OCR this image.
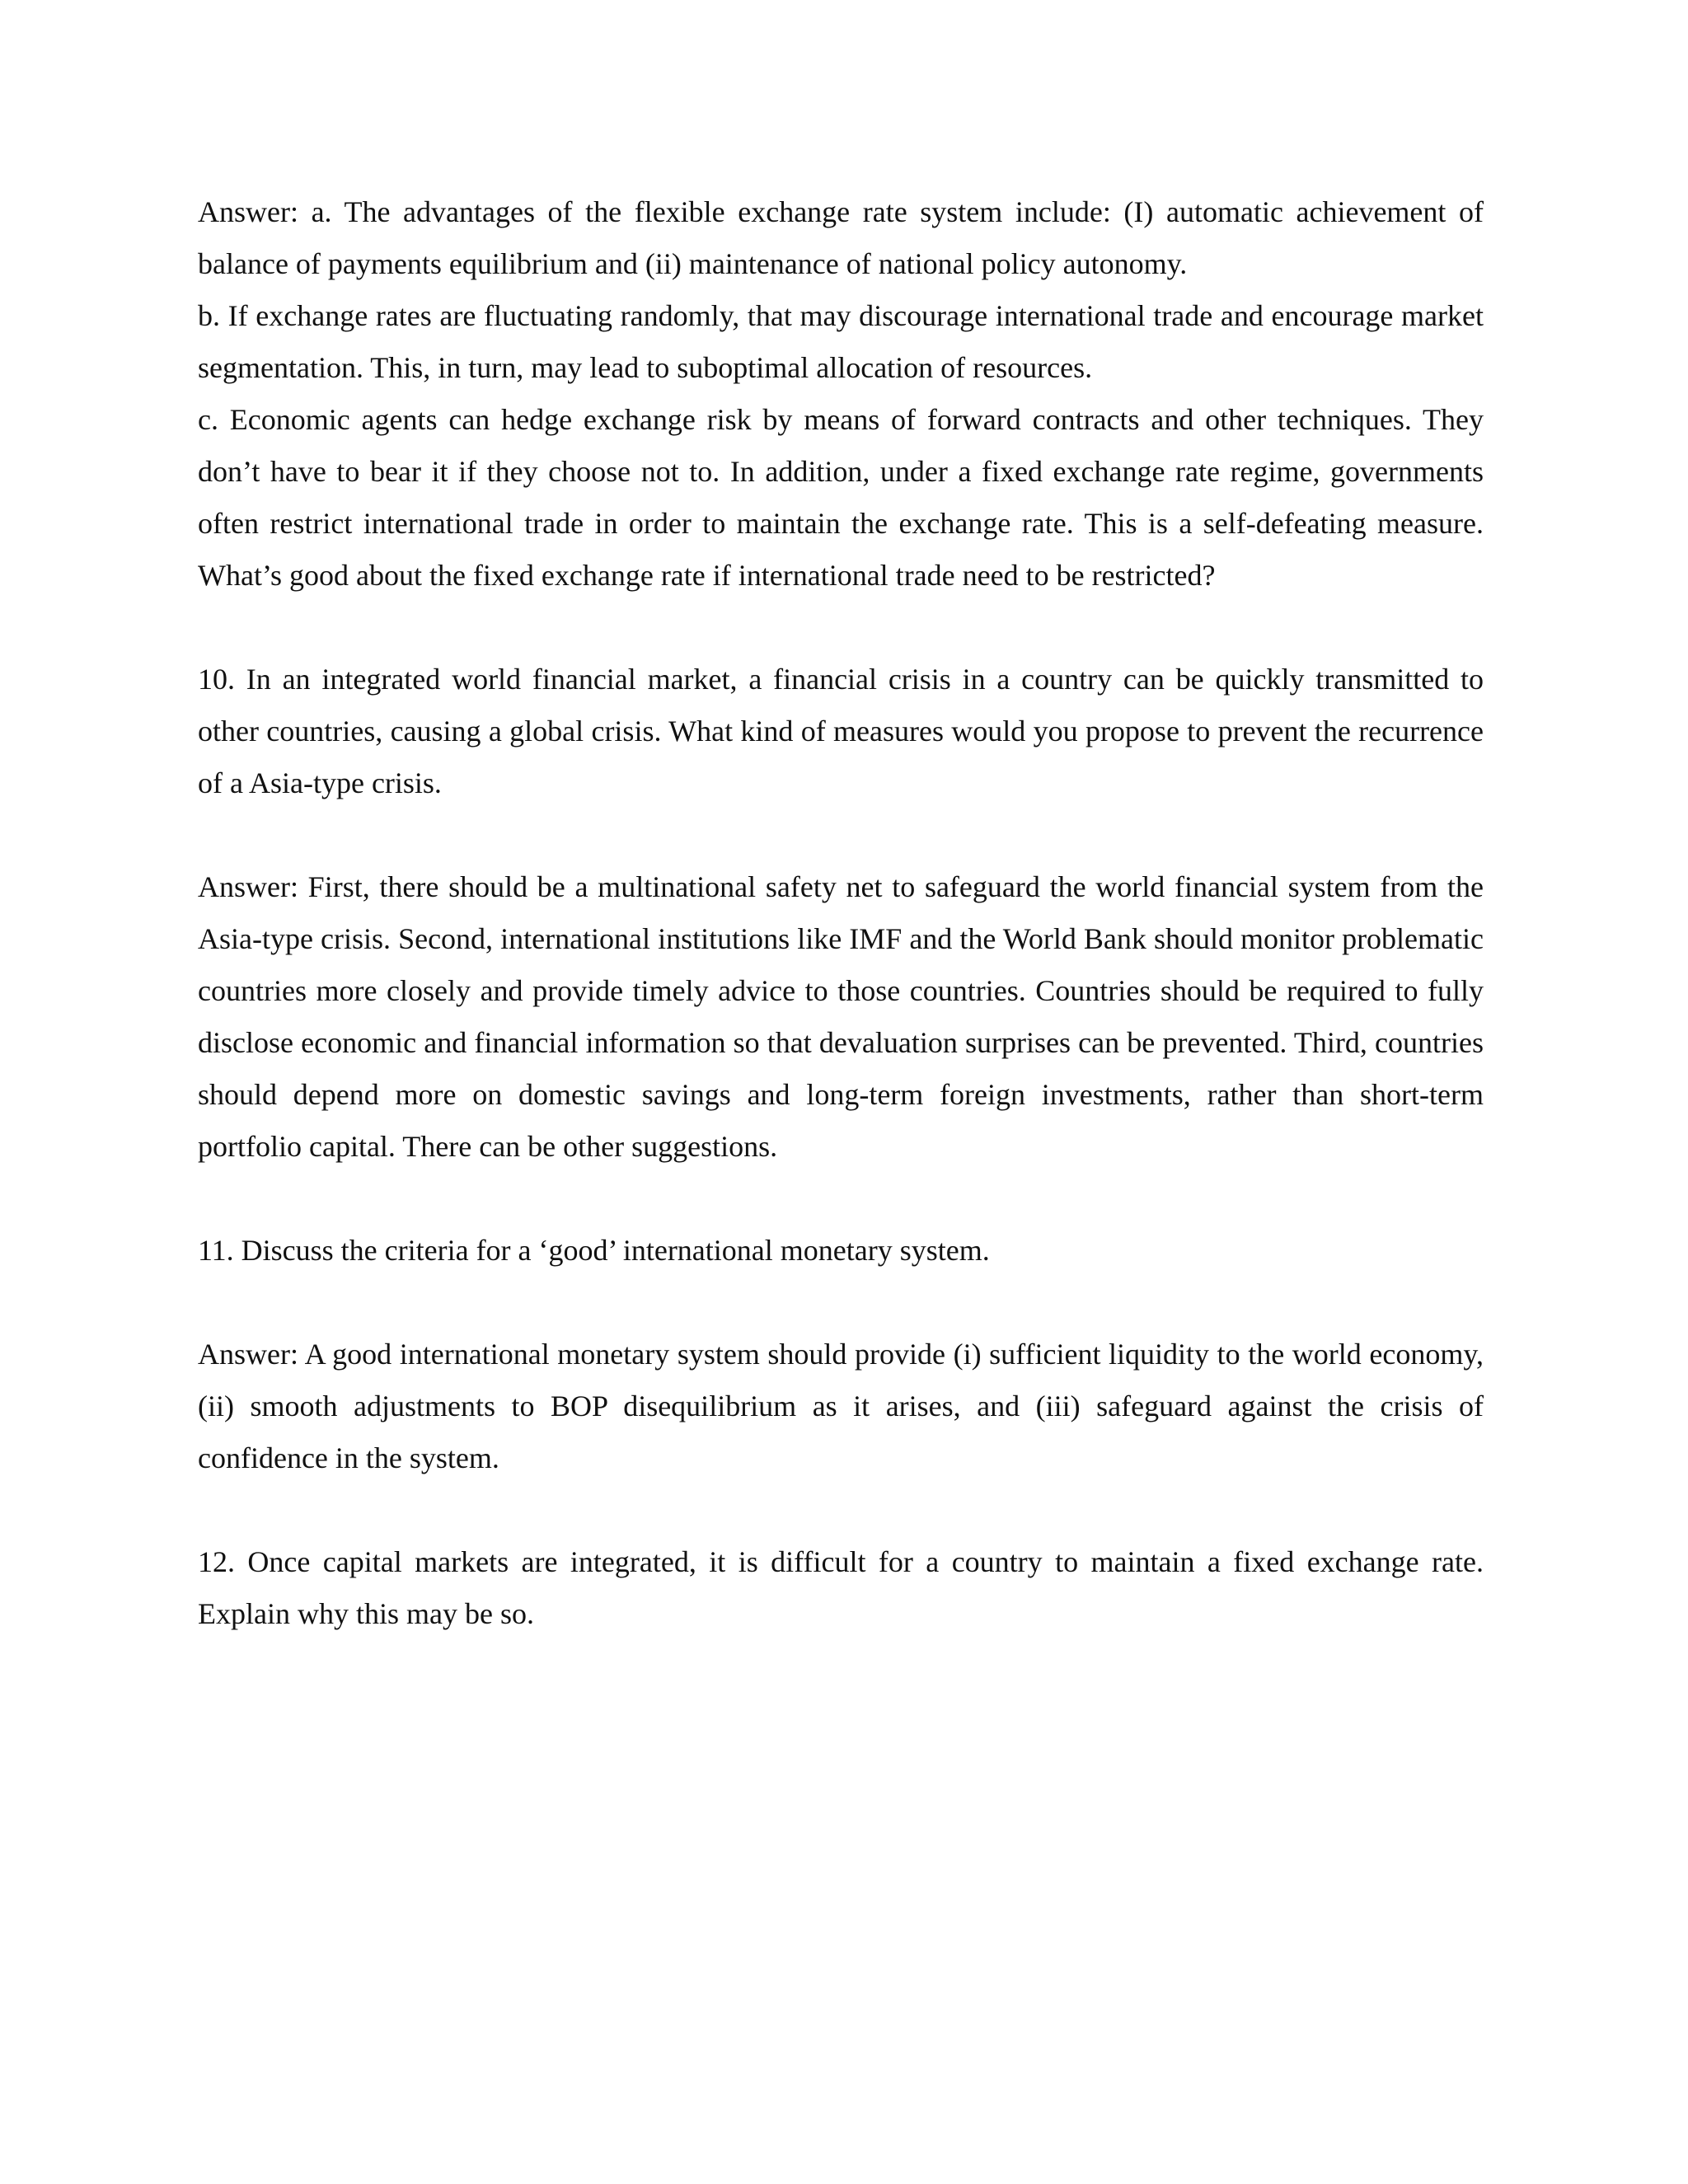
Answer: a. The advantages of the flexible exchange rate system include: (I) automatic achievement of balance of payments equilibrium and (ii) maintenance of national policy autonomy.

b. If exchange rates are fluctuating randomly, that may discourage international trade and encourage market segmentation. This, in turn, may lead to suboptimal allocation of resources.

c. Economic agents can hedge exchange risk by means of forward contracts and other techniques. They don’t have to bear it if they choose not to. In addition, under a fixed exchange rate regime, governments often restrict international trade in order to maintain the exchange rate. This is a self-defeating measure. What’s good about the fixed exchange rate if international trade need to be restricted?

10. In an integrated world financial market, a financial crisis in a country can be quickly transmitted to other countries, causing a global crisis. What kind of measures would you propose to prevent the recurrence of a Asia-type crisis.

Answer: First, there should be a multinational safety net to safeguard the world financial system from the Asia-type crisis. Second, international institutions like IMF and the World Bank should monitor problematic countries more closely and provide timely advice to those countries. Countries should be required to fully disclose economic and financial information so that devaluation surprises can be prevented. Third, countries should depend more on domestic savings and long-term foreign investments, rather than short-term portfolio capital. There can be other suggestions.

11. Discuss the criteria for a ‘good’ international monetary system.

Answer: A good international monetary system should provide (i) sufficient liquidity to the world economy, (ii) smooth adjustments to BOP disequilibrium as it arises, and (iii) safeguard against the crisis of confidence in the system.

12. Once capital markets are integrated, it is difficult for a country to maintain a fixed exchange rate. Explain why this may be so.
